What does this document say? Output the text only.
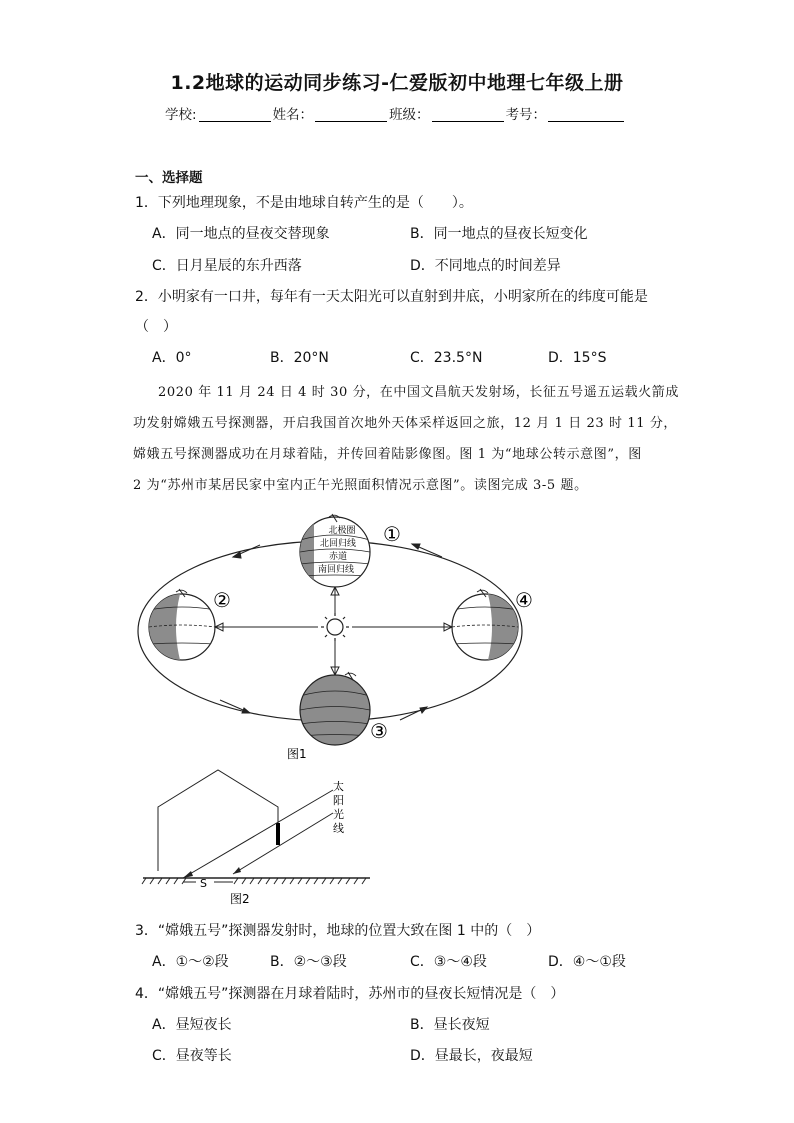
1.2地球的运动同步练习-仁爱版初中地理七年级上册
学校:	姓名：	班级：	考号：
一、选择题
1．下列地理现象，不是由地球自转产生的是（　　）。
A．同一地点的昼夜交替现象	B．同一地点的昼夜长短变化
C．日月星辰的东升西落	D．不同地点的时间差异
2．小明家有一口井，每年有一天太阳光可以直射到井底，小明家所在的纬度可能是
（　）
A．0°	B．20°N	C．23.5°N	D．15°S
2020 年 11 月 24 日 4 时 30 分，在中国文昌航天发射场，长征五号遥五运载火箭成
功发射嫦娥五号探测器，开启我国首次地外天体采样返回之旅，12 月 1 日 23 时 11 分，
嫦娥五号探测器成功在月球着陆，并传回着陆影像图。图 1 为“地球公转示意图”，图
2 为“苏州市某居民家中室内正午光照面积情况示意图”。读图完成 3-5 题。
北极圈
北回归线
赤道
南回归线
①
②
③
④
图1
S
太
阳
光
线
图2
3．“嫦娥五号”探测器发射时，地球的位置大致在图 1 中的（　）
A．①～②段	B．②～③段	C．③～④段	D．④～①段
4．“嫦娥五号”探测器在月球着陆时，苏州市的昼夜长短情况是（　）
A．昼短夜长	B．昼长夜短
C．昼夜等长	D．昼最长，夜最短
